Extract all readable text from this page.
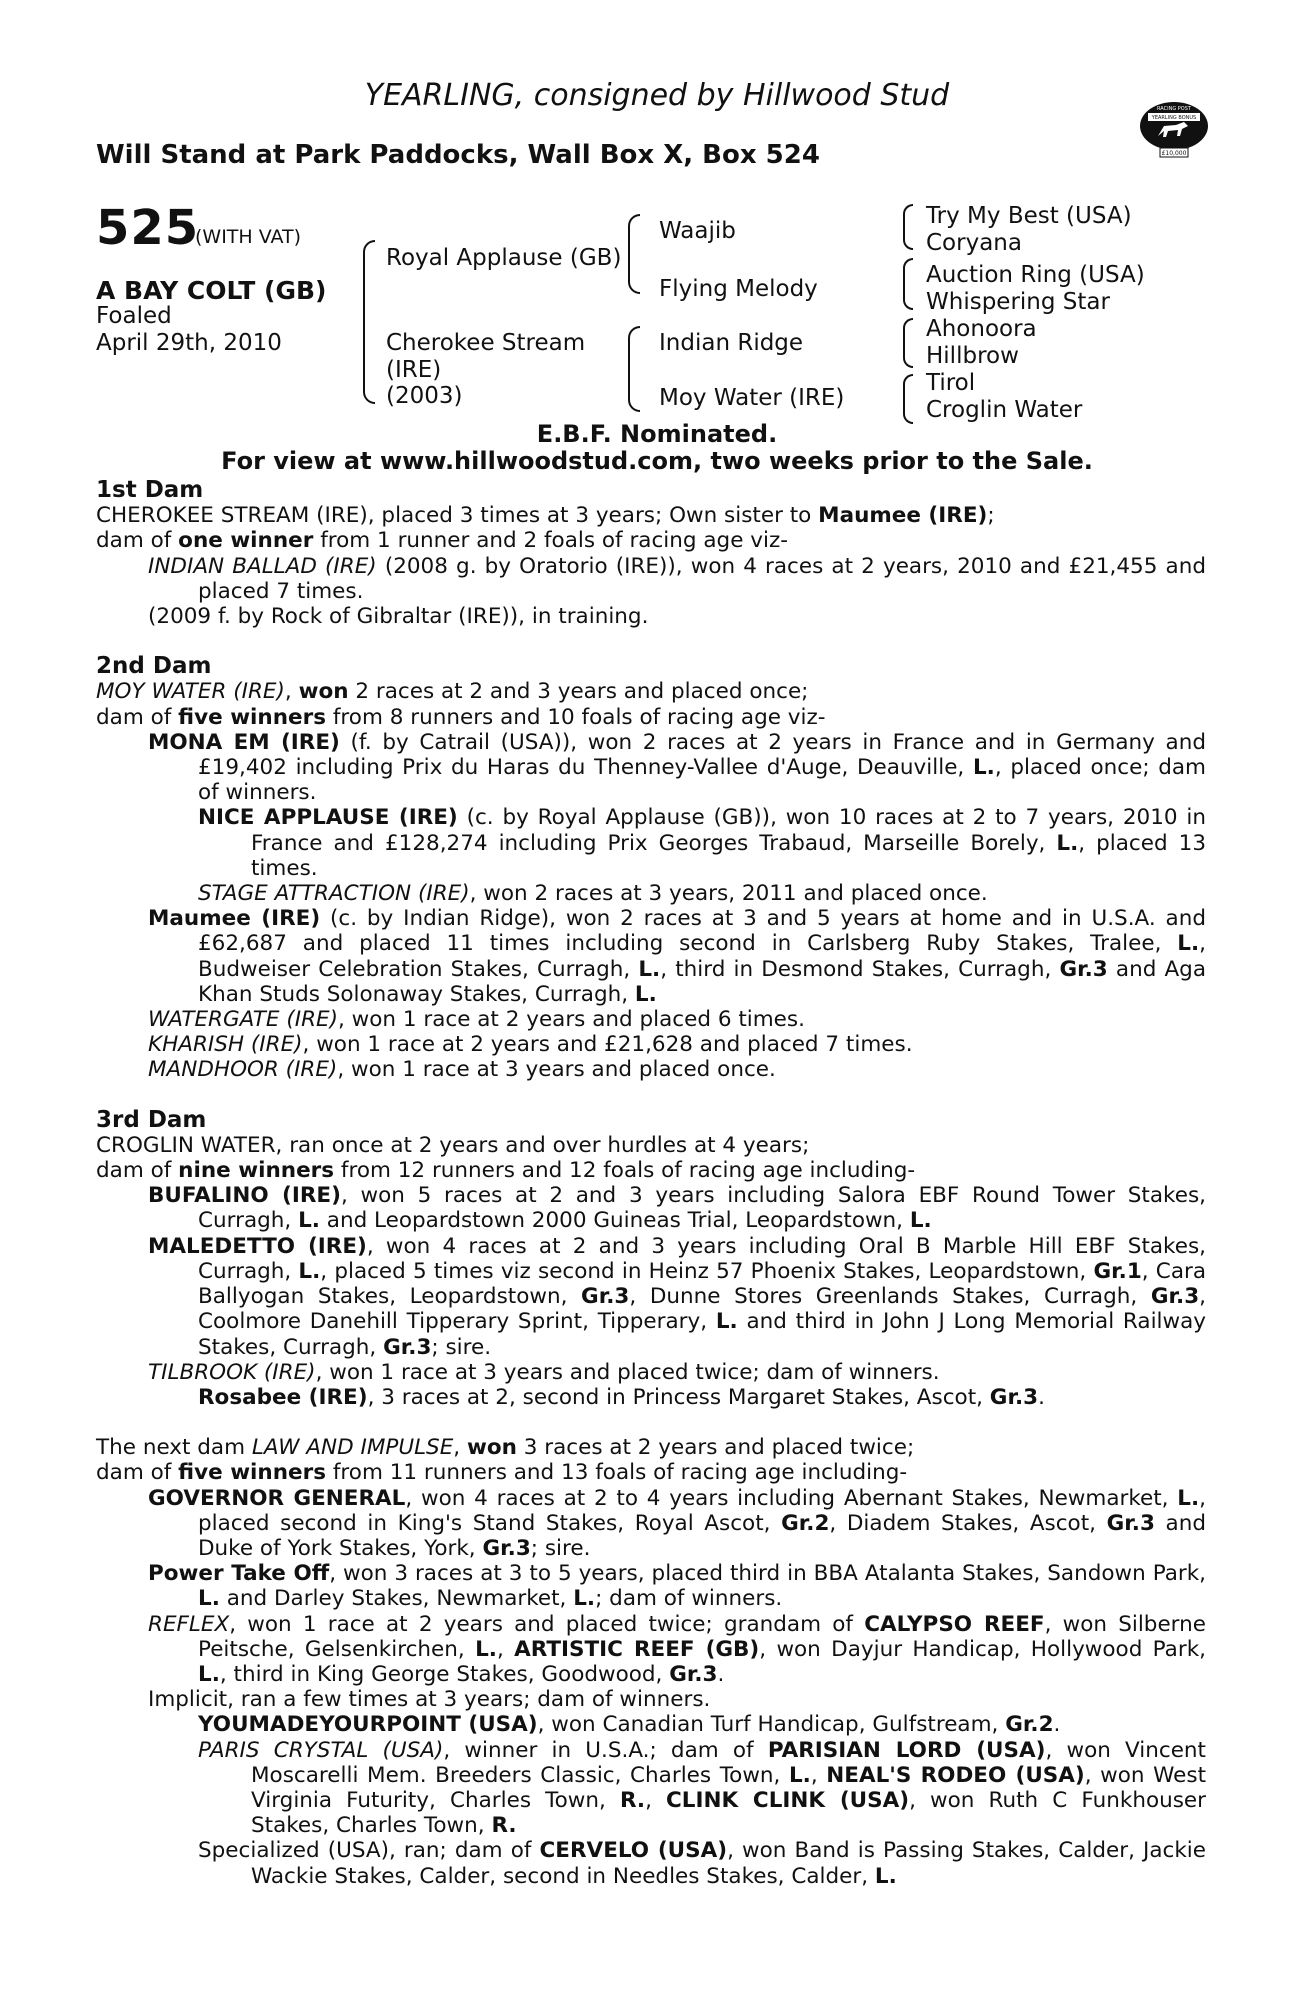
YEARLING, consigned by Hillwood Stud
Will Stand at Park Paddocks, Wall Box X, Box 524
RACING POST
YEARLING BONUS
£10,000
525
(WITH VAT)
A BAY COLT (GB)
Foaled
April 29th, 2010
Royal Applause (GB)
Cherokee Stream
(IRE)
(2003)
Waajib
Flying Melody
Indian Ridge
Moy Water (IRE)
Try My Best (USA)
Coryana
Auction Ring (USA)
Whispering Star
Ahonoora
Hillbrow
Tirol
Croglin Water
E.B.F. Nominated.
For view at www.hillwoodstud.com, two weeks prior to the Sale.

1st Dam

CHEROKEE STREAM (IRE), placed 3 times at 3 years; Own sister to Maumee (IRE);

dam of one winner from 1 runner and 2 foals of racing age viz-

INDIAN BALLAD (IRE) (2008 g. by Oratorio (IRE)), won 4 races at 2 years, 2010 and £21,455 and placed 7 times.

(2009 f. by Rock of Gibraltar (IRE)), in training.

2nd Dam

MOY WATER (IRE), won 2 races at 2 and 3 years and placed once;

dam of five winners from 8 runners and 10 foals of racing age viz-

MONA EM (IRE) (f. by Catrail (USA)), won 2 races at 2 years in France and in Germany and £19,402 including Prix du Haras du Thenney-Vallee d'Auge, Deauville, L., placed once; dam of winners.

NICE APPLAUSE (IRE) (c. by Royal Applause (GB)), won 10 races at 2 to 7 years, 2010 in France and £128,274 including Prix Georges Trabaud, Marseille Borely, L., placed 13 times.

STAGE ATTRACTION (IRE), won 2 races at 3 years, 2011 and placed once.

Maumee (IRE) (c. by Indian Ridge), won 2 races at 3 and 5 years at home and in U.S.A. and £62,687 and placed 11 times including second in Carlsberg Ruby Stakes, Tralee, L., Budweiser Celebration Stakes, Curragh, L., third in Desmond Stakes, Curragh, Gr.3 and Aga Khan Studs Solonaway Stakes, Curragh, L.

WATERGATE (IRE), won 1 race at 2 years and placed 6 times.

KHARISH (IRE), won 1 race at 2 years and £21,628 and placed 7 times.

MANDHOOR (IRE), won 1 race at 3 years and placed once.

3rd Dam

CROGLIN WATER, ran once at 2 years and over hurdles at 4 years;

dam of nine winners from 12 runners and 12 foals of racing age including-

BUFALINO (IRE), won 5 races at 2 and 3 years including Salora EBF Round Tower Stakes, Curragh, L. and Leopardstown 2000 Guineas Trial, Leopardstown, L.

MALEDETTO (IRE), won 4 races at 2 and 3 years including Oral B Marble Hill EBF Stakes, Curragh, L., placed 5 times viz second in Heinz 57 Phoenix Stakes, Leopardstown, Gr.1, Cara Ballyogan Stakes, Leopardstown, Gr.3, Dunne Stores Greenlands Stakes, Curragh, Gr.3, Coolmore Danehill Tipperary Sprint, Tipperary, L. and third in John J Long Memorial Railway Stakes, Curragh, Gr.3; sire.

TILBROOK (IRE), won 1 race at 3 years and placed twice; dam of winners.

Rosabee (IRE), 3 races at 2, second in Princess Margaret Stakes, Ascot, Gr.3.

The next dam LAW AND IMPULSE, won 3 races at 2 years and placed twice;

dam of five winners from 11 runners and 13 foals of racing age including-

GOVERNOR GENERAL, won 4 races at 2 to 4 years including Abernant Stakes, Newmarket, L., placed second in King's Stand Stakes, Royal Ascot, Gr.2, Diadem Stakes, Ascot, Gr.3 and Duke of York Stakes, York, Gr.3; sire.

Power Take Off, won 3 races at 3 to 5 years, placed third in BBA Atalanta Stakes, Sandown Park, L. and Darley Stakes, Newmarket, L.; dam of winners.

REFLEX, won 1 race at 2 years and placed twice; grandam of CALYPSO REEF, won Silberne Peitsche, Gelsenkirchen, L., ARTISTIC REEF (GB), won Dayjur Handicap, Hollywood Park, L., third in King George Stakes, Goodwood, Gr.3.

Implicit, ran a few times at 3 years; dam of winners.

YOUMADEYOURPOINT (USA), won Canadian Turf Handicap, Gulfstream, Gr.2.

PARIS CRYSTAL (USA), winner in U.S.A.; dam of PARISIAN LORD (USA), won Vincent Moscarelli Mem. Breeders Classic, Charles Town, L., NEAL'S RODEO (USA), won West Virginia Futurity, Charles Town, R., CLINK CLINK (USA), won Ruth C Funkhouser Stakes, Charles Town, R.

Specialized (USA), ran; dam of CERVELO (USA), won Band is Passing Stakes, Calder, Jackie Wackie Stakes, Calder, second in Needles Stakes, Calder, L.
